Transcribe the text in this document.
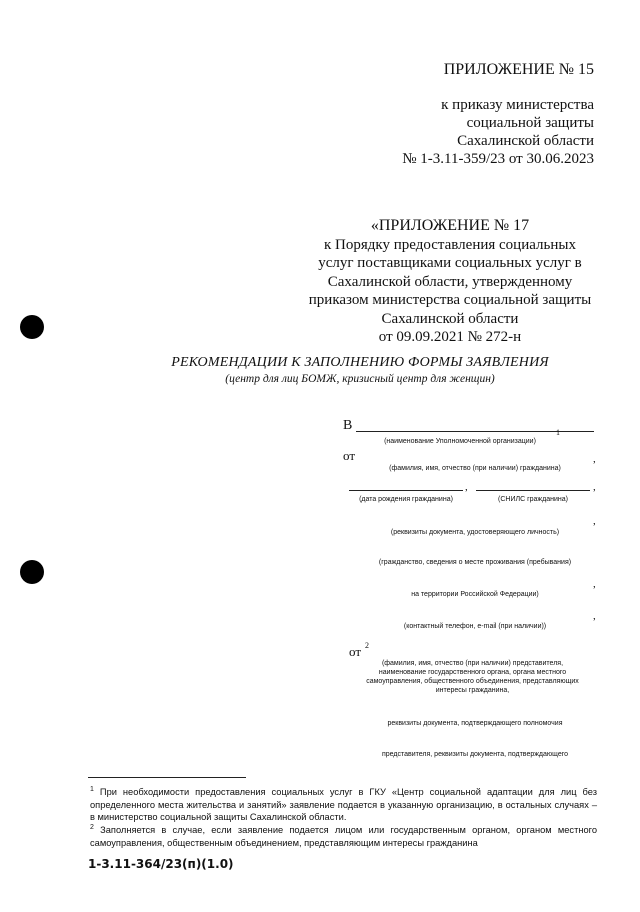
ПРИЛОЖЕНИЕ № 15
к приказу министерства
социальной защиты
Сахалинской области
№ 1-3.11-359/23 от 30.06.2023
«ПРИЛОЖЕНИЕ № 17
к Порядку предоставления социальных
услуг поставщиками социальных услуг в
Сахалинской области, утвержденному
приказом министерства социальной защиты
Сахалинской области
от 09.09.2021 № 272-н
РЕКОМЕНДАЦИИ К ЗАПОЛНЕНИЮ ФОРМЫ ЗАЯВЛЕНИЯ
(центр для лиц БОМЖ, кризисный центр для женщин)
В
(наименование Уполномоченной организации)
1
от
(фамилия, имя, отчество (при наличии) гражданина)
,
,	,
(дата рождения гражданина)	(СНИЛС гражданина)
(реквизиты документа, удостоверяющего личность)
,
(гражданство, сведения о месте проживания (пребывания)
на территории Российской Федерации)
,
(контактный телефон, e-mail (при наличии))
,
от 2
(фамилия, имя, отчество (при наличии) представителя,
наименование государственного органа, органа местного
самоуправления, общественного объединения, представляющих
интересы гражданина,
реквизиты документа, подтверждающего полномочия
представителя, реквизиты документа, подтверждающего
$^1$ При необходимости предоставления социальных услуг в ГКУ «Центр социальной адаптации для лиц без определенного места жительства и занятий» заявление подается в указанную организацию, в остальных случаях – в министерство социальной защиты Сахалинской области.
$^2$ Заполняется в случае, если заявление подается лицом или государственным органом, органом местного самоуправления, общественным объединением, представляющим интересы гражданина
1-3.11-364/23(п)(1.0)
